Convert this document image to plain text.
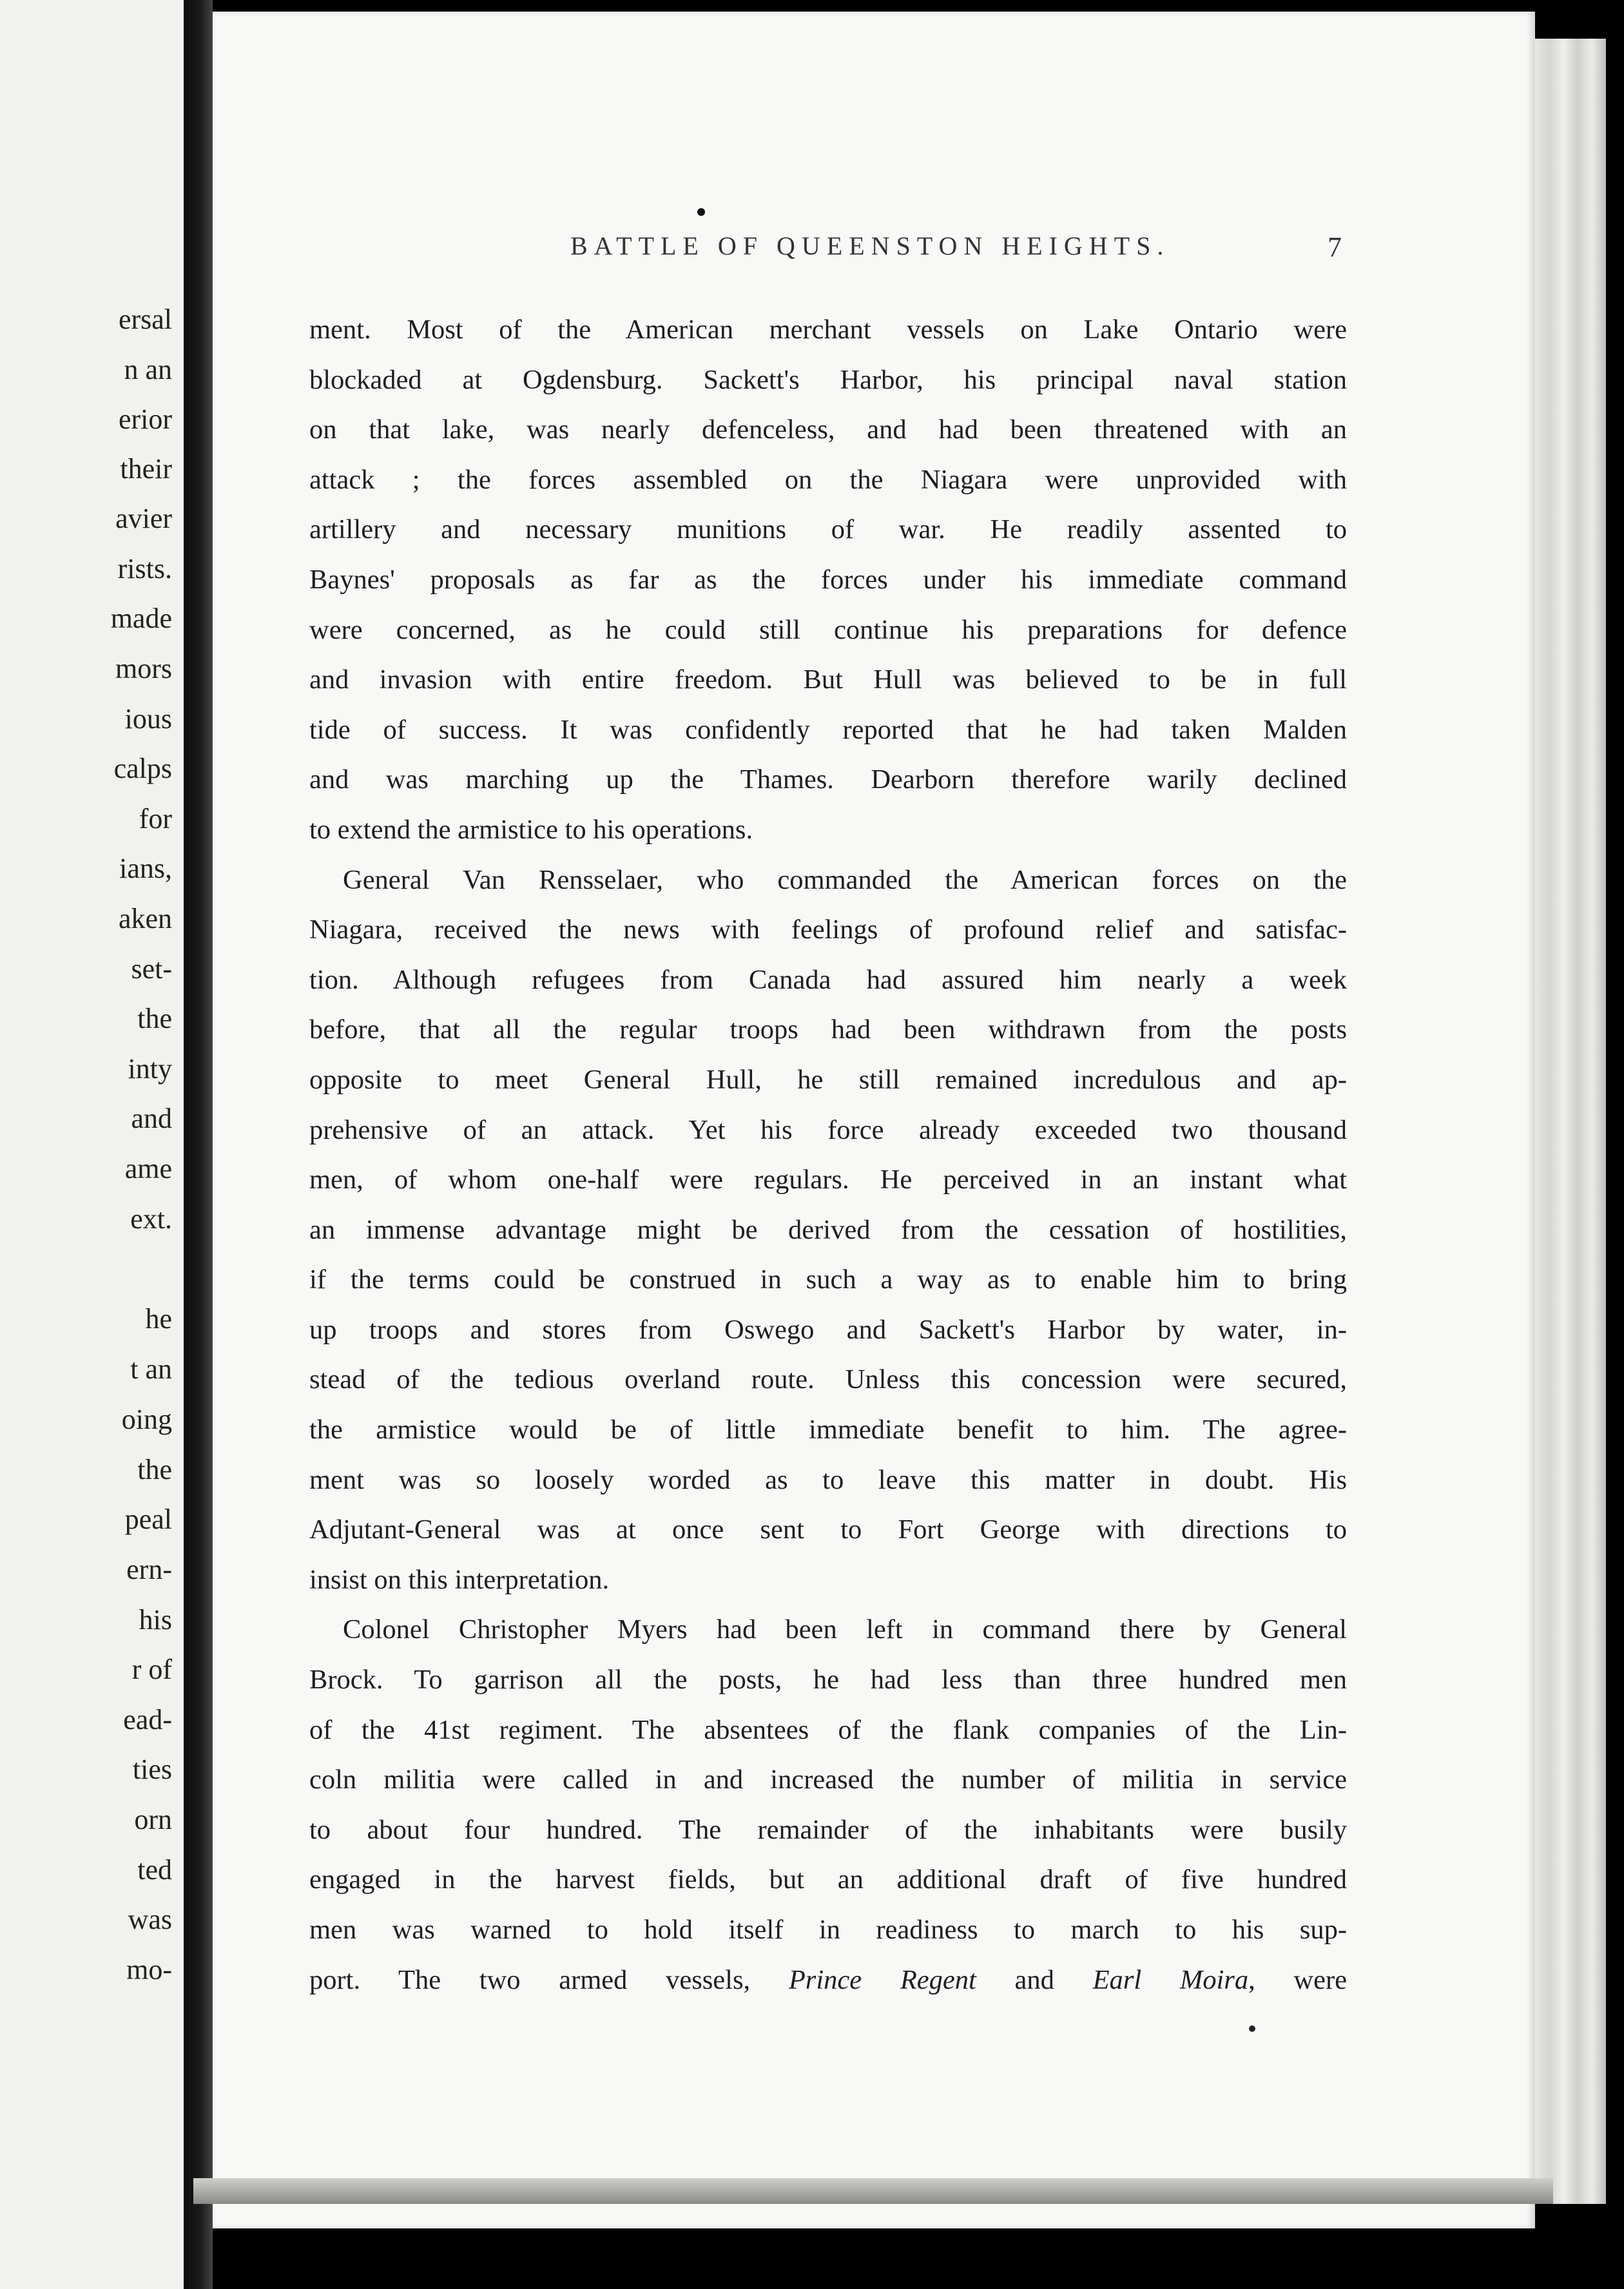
ersal
n an
erior
their
avier
rists.
made
mors
ious
calps
for
ians,
aken
set-
the
inty
and
ame
ext.
he
t an
oing
the
peal
ern-
his
r of
ead-
ties
orn
ted
was
mo-
BATTLE OF QUEENSTON HEIGHTS.	7
ment. Most of the American merchant vessels on Lake Ontario were
blockaded at Ogdensburg. Sackett's Harbor, his principal naval station
on that lake, was nearly defenceless, and had been threatened with an
attack ; the forces assembled on the Niagara were unprovided with
artillery and necessary munitions of war. He readily assented to
Baynes' proposals as far as the forces under his immediate command
were concerned, as he could still continue his preparations for defence
and invasion with entire freedom. But Hull was believed to be in full
tide of success. It was confidently reported that he had taken Malden
and was marching up the Thames. Dearborn therefore warily declined
to extend the armistice to his operations.
General Van Rensselaer, who commanded the American forces on the
Niagara, received the news with feelings of profound relief and satisfac-
tion. Although refugees from Canada had assured him nearly a week
before, that all the regular troops had been withdrawn from the posts
opposite to meet General Hull, he still remained incredulous and ap-
prehensive of an attack. Yet his force already exceeded two thousand
men, of whom one-half were regulars. He perceived in an instant what
an immense advantage might be derived from the cessation of hostilities,
if the terms could be construed in such a way as to enable him to bring
up troops and stores from Oswego and Sackett's Harbor by water, in-
stead of the tedious overland route. Unless this concession were secured,
the armistice would be of little immediate benefit to him. The agree-
ment was so loosely worded as to leave this matter in doubt. His
Adjutant-General was at once sent to Fort George with directions to
insist on this interpretation.
Colonel Christopher Myers had been left in command there by General
Brock. To garrison all the posts, he had less than three hundred men
of the 41st regiment. The absentees of the flank companies of the Lin-
coln militia were called in and increased the number of militia in service
to about four hundred. The remainder of the inhabitants were busily
engaged in the harvest fields, but an additional draft of five hundred
men was warned to hold itself in readiness to march to his sup-
port. The two armed vessels, Prince Regent and Earl Moira, were
